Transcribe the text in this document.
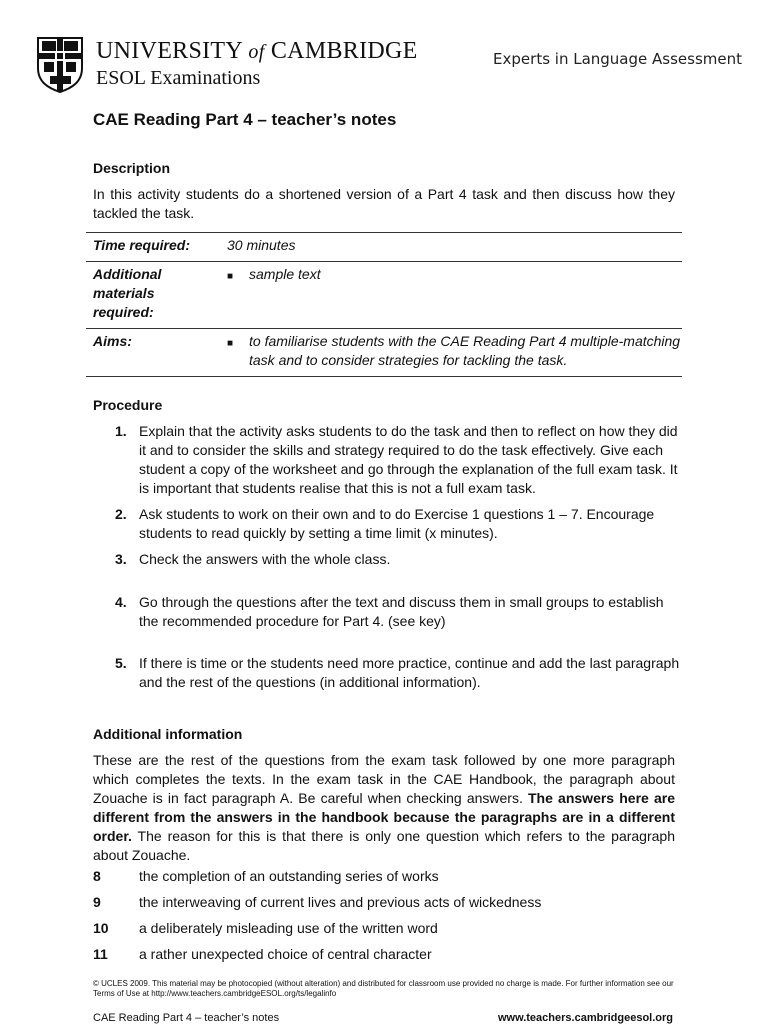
UNIVERSITY of CAMBRIDGE
ESOL Examinations
Experts in Language Assessment
CAE Reading Part 4 – teacher’s notes
Description

In this activity students do a shortened version of a Part 4 task and then discuss how they tackled the task.

Time required:	30 minutes
Additional materials required:	■ sample text

Aims:	■ to familiarise students with the CAE Reading Part 4 multiple-matching task and to consider strategies for tackling the task.
Procedure
1. Explain that the activity asks students to do the task and then to reflect on how they did it and to consider the skills and strategy required to do the task effectively. Give each student a copy of the worksheet and go through the explanation of the full exam task. It is important that students realise that this is not a full exam task.
2. Ask students to work on their own and to do Exercise 1 questions 1 – 7. Encourage students to read quickly by setting a time limit (x minutes).
3. Check the answers with the whole class.
4. Go through the questions after the text and discuss them in small groups to establish the recommended procedure for Part 4. (see key)
5. If there is time or the students need more practice, continue and add the last paragraph and the rest of the questions (in additional information).
Additional information

These are the rest of the questions from the exam task followed by one more paragraph which completes the texts. In the exam task in the CAE Handbook, the paragraph about Zouache is in fact paragraph A. Be careful when checking answers. The answers here are different from the answers in the handbook because the paragraphs are in a different order. The reason for this is that there is only one question which refers to the paragraph about Zouache.

8	the completion of an outstanding series of works
9	the interweaving of current lives and previous acts of wickedness
10	a deliberately misleading use of the written word
11	a rather unexpected choice of central character
© UCLES 2009. This material may be photocopied (without alteration) and distributed for classroom use provided no charge is made. For further information see our Terms of Use at http://www.teachers.cambridgeESOL.org/ts/legalinfo
CAE Reading Part 4 – teacher’s notes	www.teachers.cambridgeesol.org
